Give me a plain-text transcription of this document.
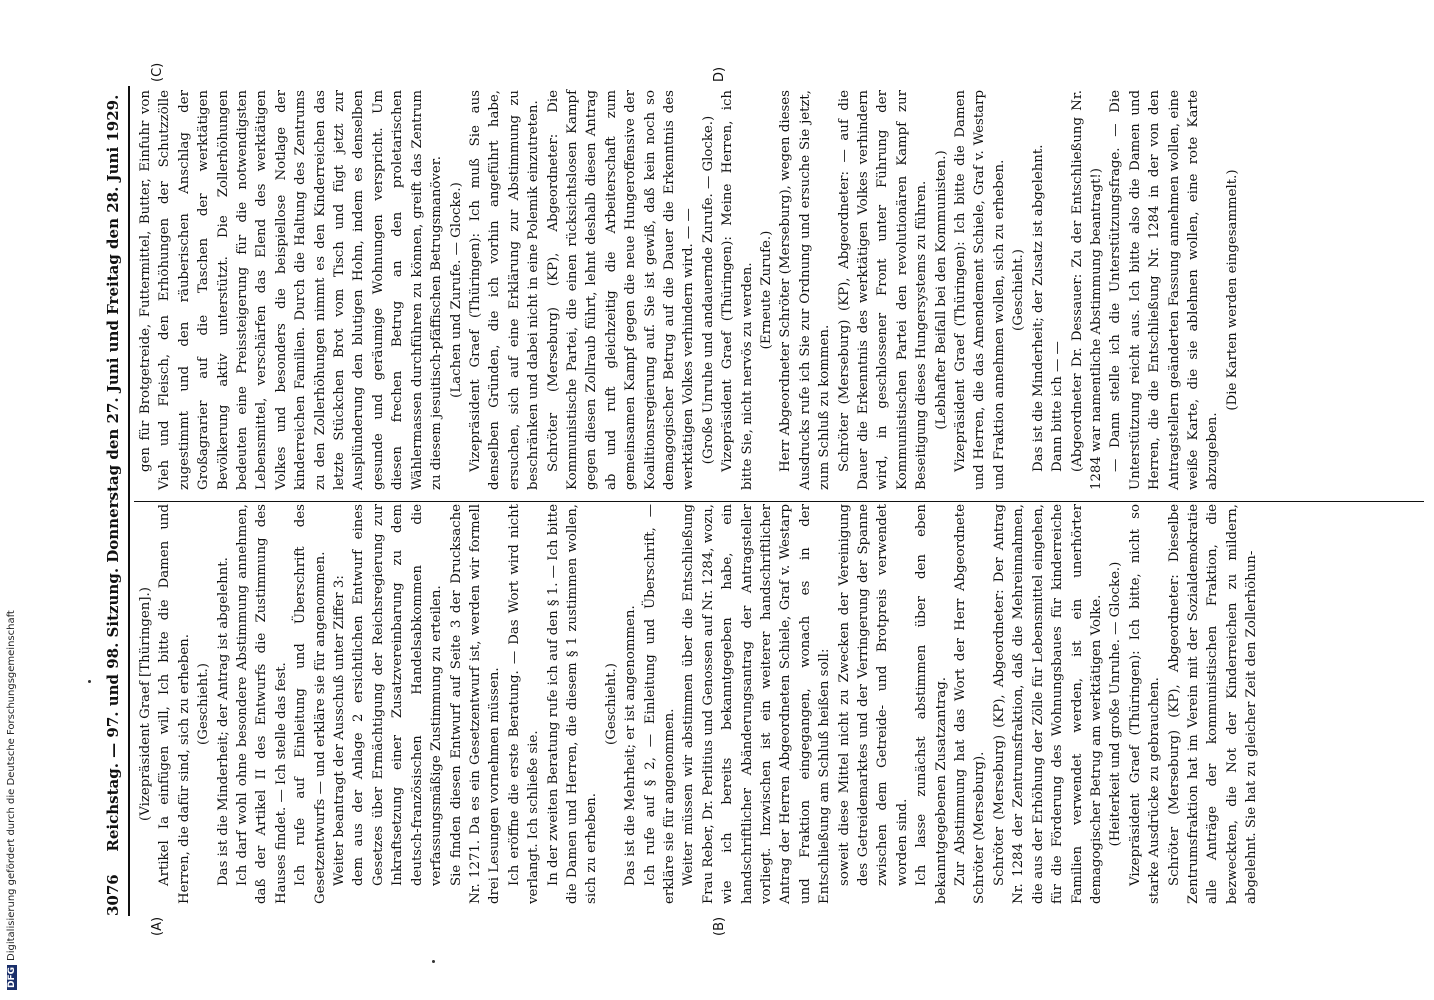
3076
Reichstag. — 97. und 98. Sitzung. Donnerstag den 27. Juni und Freitag den 28. Juni 1929.
(A)	(B)
(C)	D)

(Vizepräsident Graef [Thüringen].) Artikel Ia einfügen will, Ich bitte die Damen und Herren, die dafür sind, sich zu erheben. (Geschieht.) Das ist die Minderheit; der Antrag ist abgelehnt. Ich darf wohl ohne besondere Abstimmung annehmen, daß der Artikel II des Entwurfs die Zustimmung des Hauses findet. — Ich stelle das fest. Ich rufe auf Einleitung und Überschrift des Gesetzentwurfs — und erkläre sie für angenommen. Weiter beantragt der Ausschuß unter Ziffer 3: dem aus der Anlage 2 ersichtlichen Entwurf eines Gesetzes über Ermächtigung der Reichsregierung zur Inkraftsetzung einer Zusatzvereinbarung zu dem deutsch-französischen Handelsabkommen die verfassungsmäßige Zustimmung zu erteilen. Sie finden diesen Entwurf auf Seite 3 der Drucksache Nr. 1271. Da es ein Gesetzentwurf ist, werden wir formell drei Lesungen vornehmen müssen. Ich eröffne die erste Beratung. — Das Wort wird nicht verlangt. Ich schließe sie. In der zweiten Beratung rufe ich auf den § 1. — Ich bitte die Damen und Herren, die diesem § 1 zustimmen wollen, sich zu erheben.

(Geschieht.) Das ist die Mehrheit; er ist angenommen. Ich rufe auf § 2, — Einleitung und Überschrift, — erkläre sie für angenommen. Weiter müssen wir abstimmen über die Entschließung Frau Reber, Dr. Perlitius und Genossen auf Nr. 1284, wozu, wie ich bereits bekanntgegeben habe, ein handschriftlicher Abänderungsantrag der Antragsteller vorliegt. Inzwischen ist ein weiterer handschriftlicher Antrag der Herren Abgeordneten Schiele, Graf v. Westarp und Fraktion eingegangen, wonach es in der Entschließung am Schluß heißen soll: soweit diese Mittel nicht zu Zwecken der Vereinigung des Getreidemarktes und der Verringerung der Spanne zwischen dem Getreide- und Brotpreis verwendet worden sind. Ich lasse zunächst abstimmen über den eben bekanntgegebenen Zusatzantrag. Zur Abstimmung hat das Wort der Herr Abgeordnete Schröter (Merseburg). Schröter (Merseburg) (KP), Abgeordneter: Der Antrag Nr. 1284 der Zentrumsfraktion, daß die Mehreinnahmen, die aus der Erhöhung der Zölle für Lebensmittel eingehen, für die Förderung des Wohnungsbaues für kinderreiche Familien verwendet werden, ist ein unerhörter demagogischer Betrug am werktätigen Volke. (Heiterkeit und große Unruhe. — Glocke.) Vizepräsident Graef (Thüringen): Ich bitte, nicht so starke Ausdrücke zu gebrauchen. Schröter (Merseburg) (KP), Abgeordneter: Dieselbe Zentrumsfraktion hat im Verein mit der Sozialdemokratie alle Anträge der kommunistischen Fraktion, die bezweckten, die Not der Kinderreichen zu mildern, abgelehnt. Sie hat zu gleicher Zeit den Zollerhöhun-

gen für Brotgetreide, Futtermittel, Butter, Einfuhr von Vieh und Fleisch, den Erhöhungen der Schutzzölle zugestimmt und den räuberischen Anschlag der Großagrarier auf die Taschen der werktätigen Bevölkerung aktiv unterstützt. Die Zollerhöhungen bedeuten eine Preissteigerung für die notwendigsten Lebensmittel, verschärfen das Elend des werktätigen Volkes und besonders die beispiellose Notlage der kinderreichen Familien. Durch die Haltung des Zentrums zu den Zollerhöhungen nimmt es den Kinderreichen das letzte Stückchen Brot vom Tisch und fügt jetzt zur Ausplünderung den blutigen Hohn, indem es denselben gesunde und geräumige Wohnungen verspricht. Um diesen frechen Betrug an den proletarischen Wählermassen durchführen zu können, greift das Zentrum zu diesem jesuitisch-pfäffischen Betrugsmanöver. (Lachen und Zurufe. — Glocke.) Vizepräsident Graef (Thüringen): Ich muß Sie aus denselben Gründen, die ich vorhin angeführt habe, ersuchen, sich auf eine Erklärung zur Abstimmung zu beschränken und dabei nicht in eine Polemik einzutreten. Schröter (Merseburg) (KP), Abgeordneter: Die Kommunistische Partei, die einen rücksichtslosen Kampf gegen diesen Zollraub führt, lehnt deshalb diesen Antrag ab und ruft gleichzeitig die Arbeiterschaft zum gemeinsamen Kampf gegen die neue Hungeroffensive der Koalitionsregierung auf. Sie ist gewiß, daß kein noch so demagogischer Betrug auf die Dauer die Erkenntnis des werktätigen Volkes verhindern wird. — — (Große Unruhe und andauernde Zurufe. — Glocke.) Vizepräsident Graef (Thüringen): Meine Herren, ich bitte Sie, nicht nervös zu werden. (Erneute Zurufe.) Herr Abgeordneter Schröter (Merseburg), wegen dieses Ausdrucks rufe ich Sie zur Ordnung und ersuche Sie jetzt, zum Schluß zu kommen. Schröter (Merseburg) (KP), Abgeordneter: — auf die Dauer die Erkenntnis des werktätigen Volkes verhindern wird, in geschlossener Front unter Führung der Kommunistischen Partei den revolutionären Kampf zur Beseitigung dieses Hungersystems zu führen. (Lebhafter Beifall bei den Kommunisten.) Vizepräsident Graef (Thüringen): Ich bitte die Damen und Herren, die das Amendement Schiele, Graf v. Westarp und Fraktion annehmen wollen, sich zu erheben. (Geschieht.) Das ist die Minderheit; der Zusatz ist abgelehnt. Dann bitte ich — — (Abgeordneter Dr. Dessauer: Zu der Entschließung Nr. 1284 war namentliche Abstimmung beantragt!) — Dann stelle ich die Unterstützungsfrage. — Die Unterstützung reicht aus. Ich bitte also die Damen und Herren, die die Entschließung Nr. 1284 in der von den Antragstellern geänderten Fassung annehmen wollen, eine weiße Karte, die sie ablehnen wollen, eine rote Karte abzugeben.

(Die Karten werden eingesammelt.)

DFG
Digitalisierung gefördert durch die Deutsche Forschungsgemeinschaft
